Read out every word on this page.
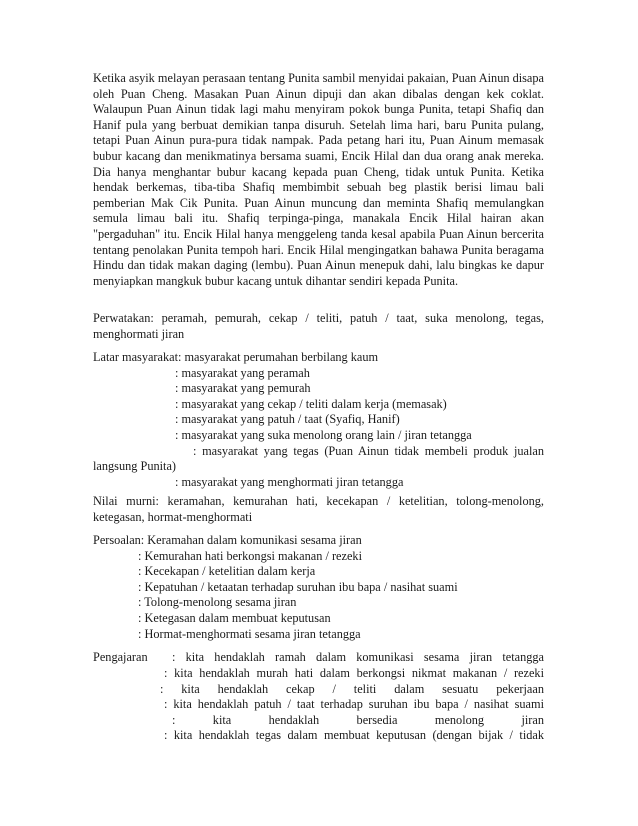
Ketika asyik melayan perasaan tentang Punita sambil menyidai pakaian, Puan Ainun disapa oleh Puan Cheng. Masakan Puan Ainun dipuji dan akan dibalas dengan kek coklat. Walaupun Puan Ainun tidak lagi mahu menyiram pokok bunga Punita, tetapi Shafiq dan Hanif pula yang berbuat demikian tanpa disuruh. Setelah lima hari, baru Punita pulang, tetapi Puan Ainun pura-pura tidak nampak. Pada petang hari itu, Puan Ainum memasak bubur kacang dan menikmatinya bersama suami, Encik Hilal dan dua orang anak mereka. Dia hanya menghantar bubur kacang kepada puan Cheng, tidak untuk Punita. Ketika hendak berkemas, tiba-tiba Shafiq membimbit sebuah beg plastik berisi limau bali pemberian Mak Cik Punita. Puan Ainun muncung dan meminta Shafiq memulangkan semula limau bali itu. Shafiq terpinga-pinga, manakala Encik Hilal hairan akan "pergaduhan" itu. Encik Hilal hanya menggeleng tanda kesal apabila Puan Ainun bercerita tentang penolakan Punita tempoh hari. Encik Hilal mengingatkan bahawa Punita beragama Hindu dan tidak makan daging (lembu). Puan Ainun menepuk dahi, lalu bingkas ke dapur menyiapkan mangkuk bubur kacang untuk dihantar sendiri kepada Punita.
Perwatakan: peramah, pemurah, cekap / teliti, patuh / taat, suka menolong, tegas, menghormati jiran
Latar masyarakat: masyarakat perumahan berbilang kaum
: masyarakat yang peramah
: masyarakat yang pemurah
: masyarakat yang cekap / teliti dalam kerja (memasak)
: masyarakat yang patuh / taat (Syafiq, Hanif)
: masyarakat yang suka menolong orang lain / jiran tetangga
: masyarakat yang tegas (Puan Ainun tidak membeli produk jualan
langsung Punita)
: masyarakat yang menghormati jiran tetangga
Nilai murni: keramahan, kemurahan hati, kecekapan / ketelitian, tolong-menolong, ketegasan, hormat-menghormati
Persoalan: Keramahan dalam komunikasi sesama jiran
: Kemurahan hati berkongsi makanan / rezeki
: Kecekapan / ketelitian dalam kerja
: Kepatuhan / ketaatan terhadap suruhan ibu bapa / nasihat suami
: Tolong-menolong sesama jiran
: Ketegasan dalam membuat keputusan
: Hormat-menghormati sesama jiran tetangga
Pengajaran : kita hendaklah ramah dalam komunikasi sesama jiran tetangga
: kita hendaklah murah hati dalam berkongsi nikmat makanan / rezeki
: kita hendaklah cekap / teliti dalam sesuatu pekerjaan
: kita hendaklah patuh / taat terhadap suruhan ibu bapa / nasihat suami
: kita hendaklah bersedia menolong jiran
: kita hendaklah tegas dalam membuat keputusan (dengan bijak / tidak
